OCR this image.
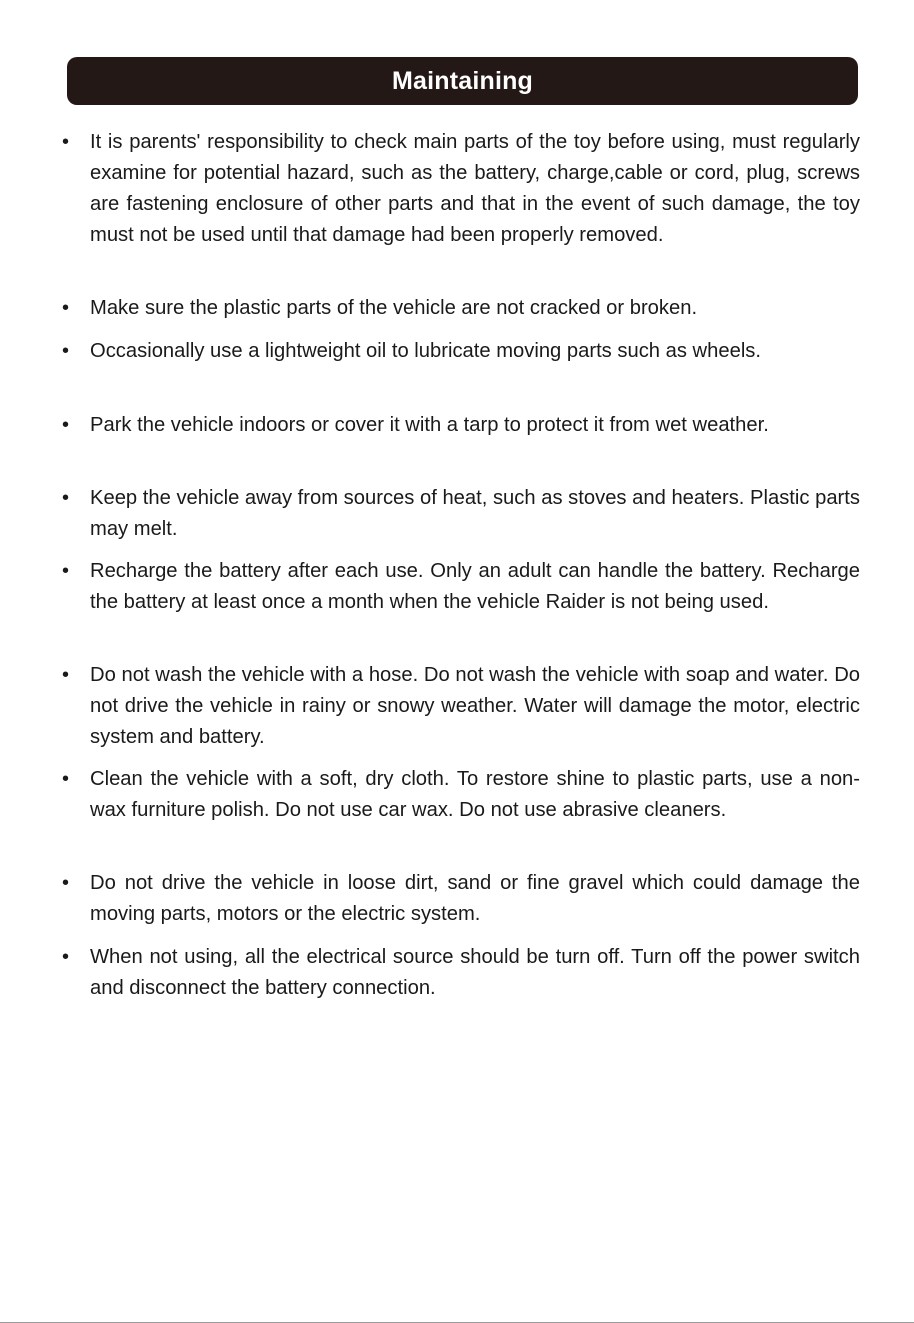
Maintaining
• It is parents' responsibility to check main parts of the toy before using, must regularly examine for potential hazard, such as the battery, charge,cable or cord, plug, screws are fastening enclosure of other parts and that in the event of such damage, the toy must not be used until that damage had been properly removed.
• Make sure the plastic parts of the vehicle are not cracked or broken.
• Occasionally use a lightweight oil to lubricate moving parts such as wheels.
• Park the vehicle indoors or cover it with a tarp to protect it from wet weather.
• Keep the vehicle away from sources of heat, such as stoves and heaters. Plastic parts may melt.
• Recharge the battery after each use. Only an adult can handle the battery. Recharge the battery at least once a month when the vehicle Raider is not being used.
• Do not wash the vehicle with a hose. Do not wash the vehicle with soap and water. Do not drive the vehicle in rainy or snowy weather. Water will damage the motor, electric system and battery.
• Clean the vehicle with a soft, dry cloth. To restore shine to plastic parts, use a non-wax furniture polish. Do not use car wax. Do not use abrasive cleaners.
• Do not drive the vehicle in loose dirt, sand or fine gravel which could damage the moving parts, motors or the electric system.
• When not using, all the electrical source should be turn off. Turn off the power switch and disconnect the battery connection.
